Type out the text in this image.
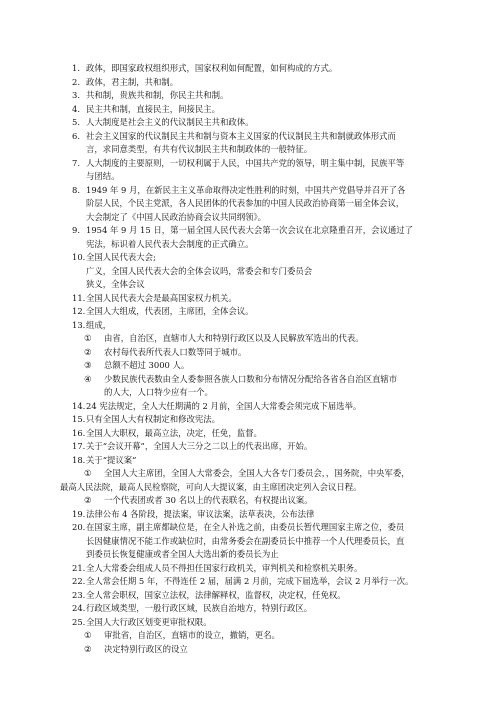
1. 政体，即国家政权组织形式，国家权利如何配置，如何构成的方式。
2. 政体，君主制，共和制。
3. 共和制，贵族共和制，你民主共和制。
4. 民主共和制，直接民主，间接民主。
5. 人大制度是社会主义的代议制民主共和政体。
6. 社会主义国家的代议制民主共和制与资本主义国家的代议制民主共和制就政体形式而
言，求同意类型，有共有代议制民主共和制政体的一般特征。
7. 人大制度的主要原则，一切权利属于人民，中国共产党的领导，明主集中制，民族平等
与团结。
8. 1949 年 9 月，在新民主主义革命取得决定性胜利的时刻，中国共产党倡导并召开了各
阶层人民，个民主党派，各人民团体的代表参加的中国人民政治协商第一届全体会议，
大会制定了《中国人民政治协商会议共同纲领》。
9. 1954 年 9 月 15 日，第一届全国人民代表大会第一次会议在北京隆重召开，会议通过了
宪法，标识着人民代表大会制度的正式确立。
10. 全国人民代表大会;
广义，全国人民代表大会的全体会议吗，常委会和专门委员会
狭义，全体会议
11. 全国人民代表大会是最高国家权力机关。
12. 全国人大组成，代表团，主席团，全体会议。
13. 组成，
①	由省，自治区，直辖市人大和特别行政区以及人民解放军选出的代表。
②	农村每代表所代表人口数等同于城市。
③	总额不超过 3000 人。
④	少数民族代表数由全人委参照各族人口数和分布情况分配给各省各自治区直辖市
的人大，人口特少应有一个。
14. 24 宪法规定，全人大任期满的 2 月前，全国人大常委会须完成下届选举。
15. 只有全国人大有权制定和修改宪法。
16. 全国人大职权，最高立法，决定，任免，监督。
17. 关于“会议开幕”，全国人大三分之二以上的代表出席，开始。
18. 关于“提议案”
①	全国人大主席团，全国人大常委会，全国人大各专门委员会，，国务院，中央军委，
最高人民法院，最高人民检察院，可向人大提议案，由主席团决定列入会议日程。
②	一个代表团或者 30 名以上的代表联名，有权提出议案。
19. 法律公布 4 各阶段，提法案，审议法案，法草表决，公布法律
20. 在国家主席，副主席都缺位是，在全人补选之前，由委员长暂代理国家主席之位，委员
长因健康情况不能工作或缺位时，由常务委会在副委员长中推荐一个人代理委员长，直
到委员长恢复健康或者全国人大选出新的委员长为止
21. 全人大常委会组成人员不得担任国家行政机关，审判机关和检察机关职务。
22. 全人常会任期 5 年，不得连任 2 届，届满 2 月前，完成下届选举，会议 2 月举行一次。
23. 全人常会职权，国家立法权，法律解释权，监督权，决定权，任免权。
24. 行政区域类型，一般行政区域，民族自治地方，特别行政区。
25. 全国人大行政区划变更审批权限。
①	审批省，自治区，直辖市的设立，撤销，更名。
②	决定特别行政区的设立
